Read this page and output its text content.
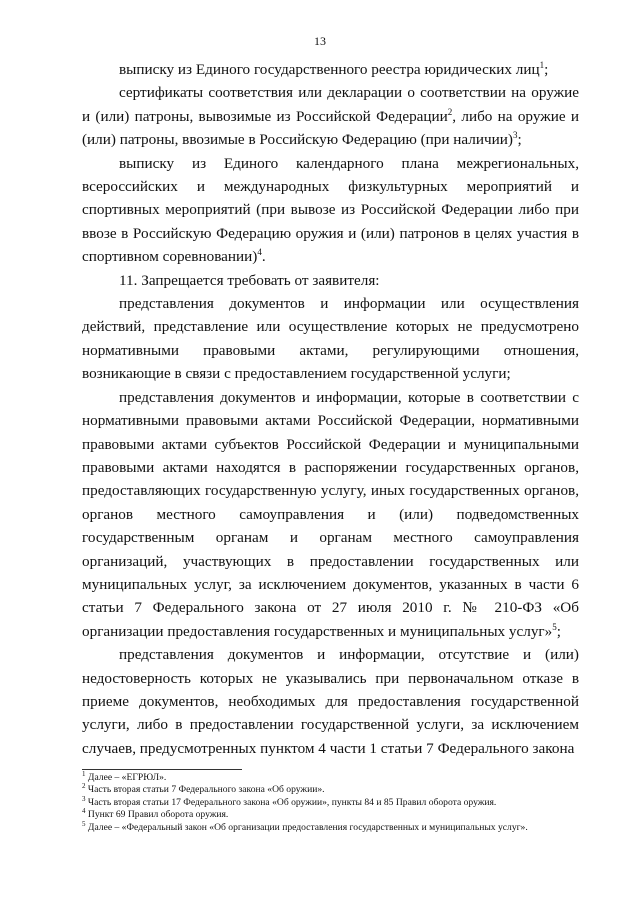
13

выписку из Единого государственного реестра юридических лиц$^1$;

сертификаты соответствия или декларации о соответствии на оружие и (или) патроны, вывозимые из Российской Федерации$^2$, либо на оружие и (или) патроны, ввозимые в Российскую Федерацию (при наличии)$^3$;

выписку из Единого календарного плана межрегиональных, всероссийских и международных физкультурных мероприятий и спортивных мероприятий (при вывозе из Российской Федерации либо при ввозе в Российскую Федерацию оружия и (или) патронов в целях участия в спортивном соревновании)$^4$.

11. Запрещается требовать от заявителя:

представления документов и информации или осуществления действий, представление или осуществление которых не предусмотрено нормативными правовыми актами, регулирующими отношения, возникающие в связи с предоставлением государственной услуги;

представления документов и информации, которые в соответствии с нормативными правовыми актами Российской Федерации, нормативными правовыми актами субъектов Российской Федерации и муниципальными правовыми актами находятся в распоряжении государственных органов, предоставляющих государственную услугу, иных государственных органов, органов местного самоуправления и (или) подведомственных государственным органам и органам местного самоуправления организаций, участвующих в предоставлении государственных или муниципальных услуг, за исключением документов, указанных в части 6 статьи 7 Федерального закона от 27 июля 2010 г. № 210-ФЗ «Об организации предоставления государственных и муниципальных услуг»$^5$;

представления документов и информации, отсутствие и (или) недостоверность которых не указывались при первоначальном отказе в приеме документов, необходимых для предоставления государственной услуги, либо в предоставлении государственной услуги, за исключением случаев, предусмотренных пунктом 4 части 1 статьи 7 Федерального закона

$^1$ Далее – «ЕГРЮЛ».

$^2$ Часть вторая статьи 7 Федерального закона «Об оружии».

$^3$ Часть вторая статьи 17 Федерального закона «Об оружии», пункты 84 и 85 Правил оборота оружия.

$^4$ Пункт 69 Правил оборота оружия.

$^5$ Далее – «Федеральный закон «Об организации предоставления государственных и муниципальных услуг».
